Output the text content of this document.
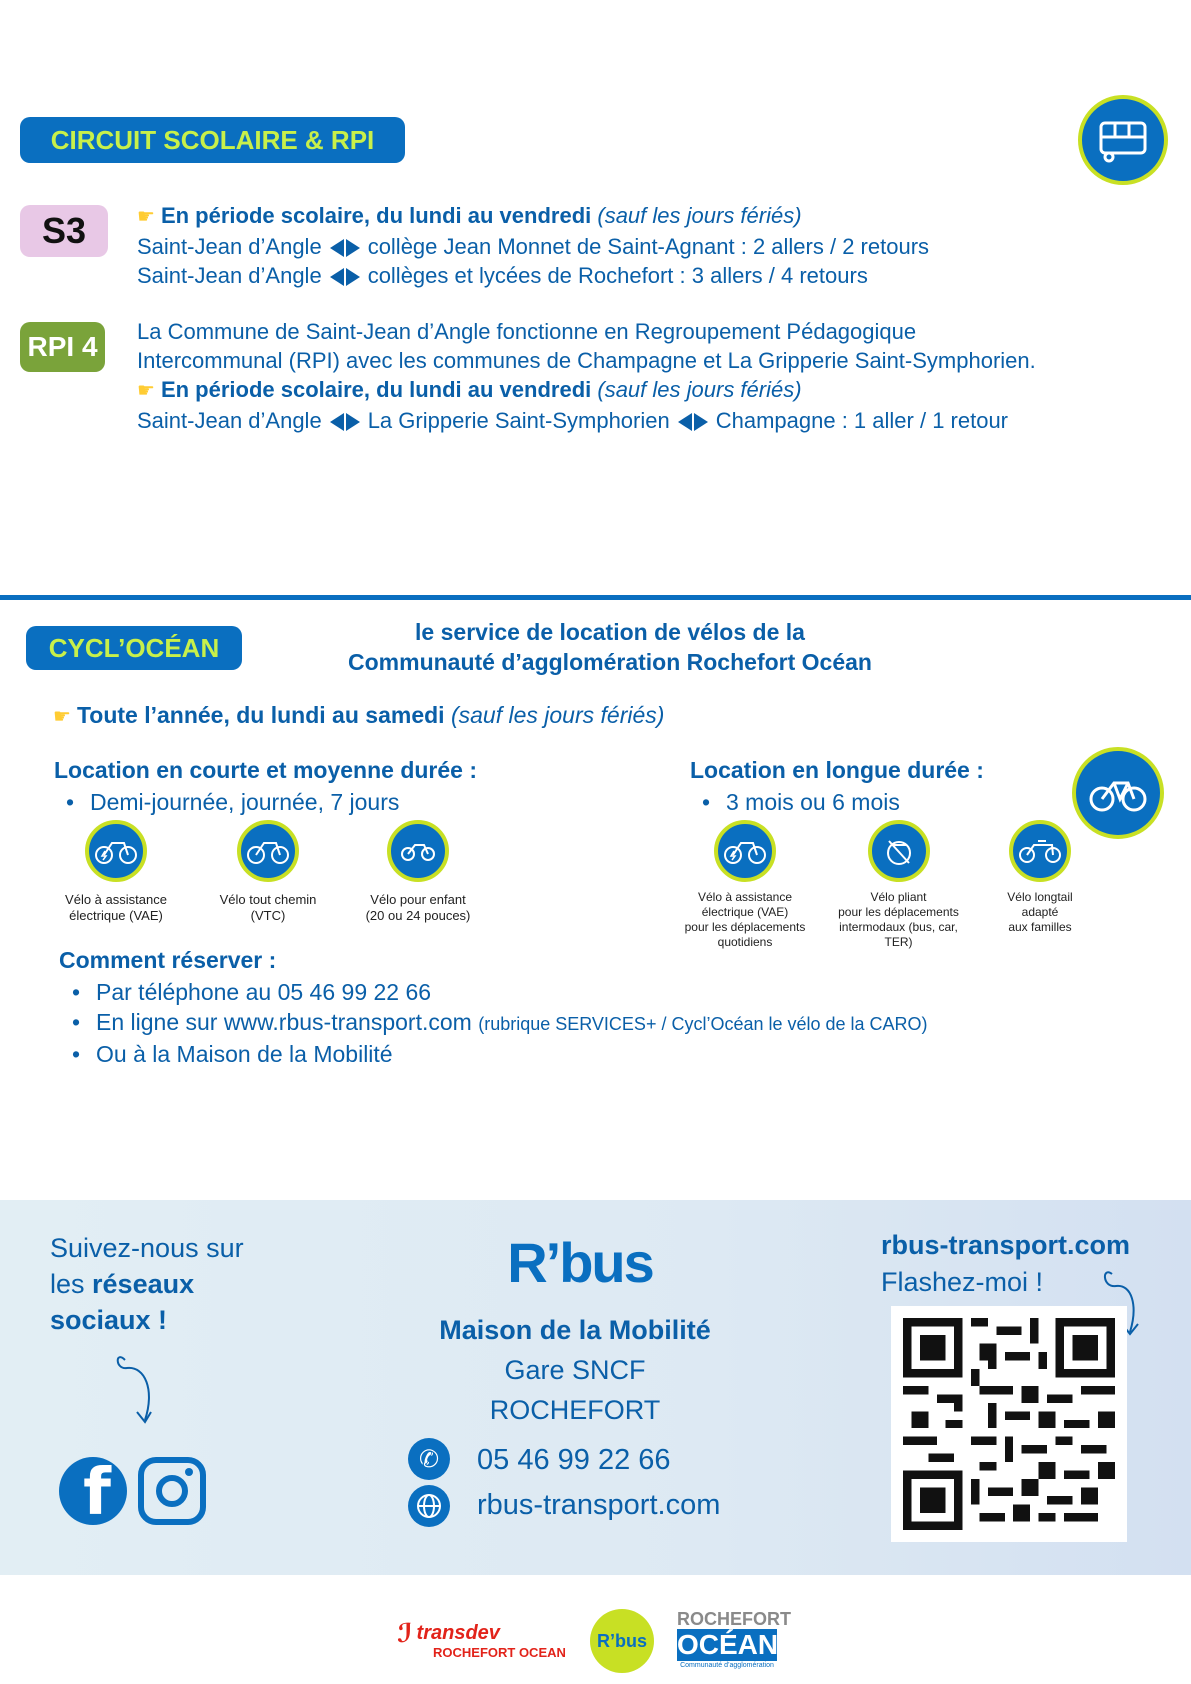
CIRCUIT SCOLAIRE & RPI
S3	☛ En période scolaire, du lundi au vendredi (sauf les jours fériés)
Saint-Jean d’Angle collège Jean Monnet de Saint-Agnant : 2 allers / 2 retours
Saint-Jean d’Angle collèges et lycées de Rochefort : 3 allers / 4 retours
RPI 4 La Commune de Saint-Jean d’Angle fonctionne en Regroupement Pédagogique
Intercommunal (RPI) avec les communes de Champagne et La Gripperie Saint-Symphorien.
☛ En période scolaire, du lundi au vendredi (sauf les jours fériés)
Saint-Jean d’Angle La Gripperie Saint-Symphorien Champagne : 1 aller / 1 retour
CYCL’OCÉAN
le service de location de vélos de la
Communauté d’agglomération Rochefort Océan
☛ Toute l’année, du lundi au samedi (sauf les jours fériés)
Location en courte et moyenne durée :
• Demi-journée, journée, 7 jours
Location en longue durée :
• 3 mois ou 6 mois
Vélo à assistance
électrique (VAE)
Vélo tout chemin
(VTC)
Vélo pour enfant
(20 ou 24 pouces)
Vélo à assistance
électrique (VAE)
pour les déplacements
quotidiens
Vélo pliant
pour les déplacements
intermodaux (bus, car, TER)
Vélo longtail
adapté
aux familles
Comment réserver :
• Par téléphone au 05 46 99 22 66
• En ligne sur www.rbus-transport.com (rubrique SERVICES+ / Cycl’Océan le vélo de la CARO)
• Ou à la Maison de la Mobilité
Suivez-nous sur
les réseaux
sociaux !
f
R’bus
Maison de la Mobilité
Gare SNCF
ROCHEFORT
✆	05 46 99 22 66
rbus-transport.com
rbus-transport.com
Flashez-moi !
ℐ transdev
ROCHEFORT OCEAN
R’bus
ROCHEFORT
OCÉAN
Communauté d’agglomération
